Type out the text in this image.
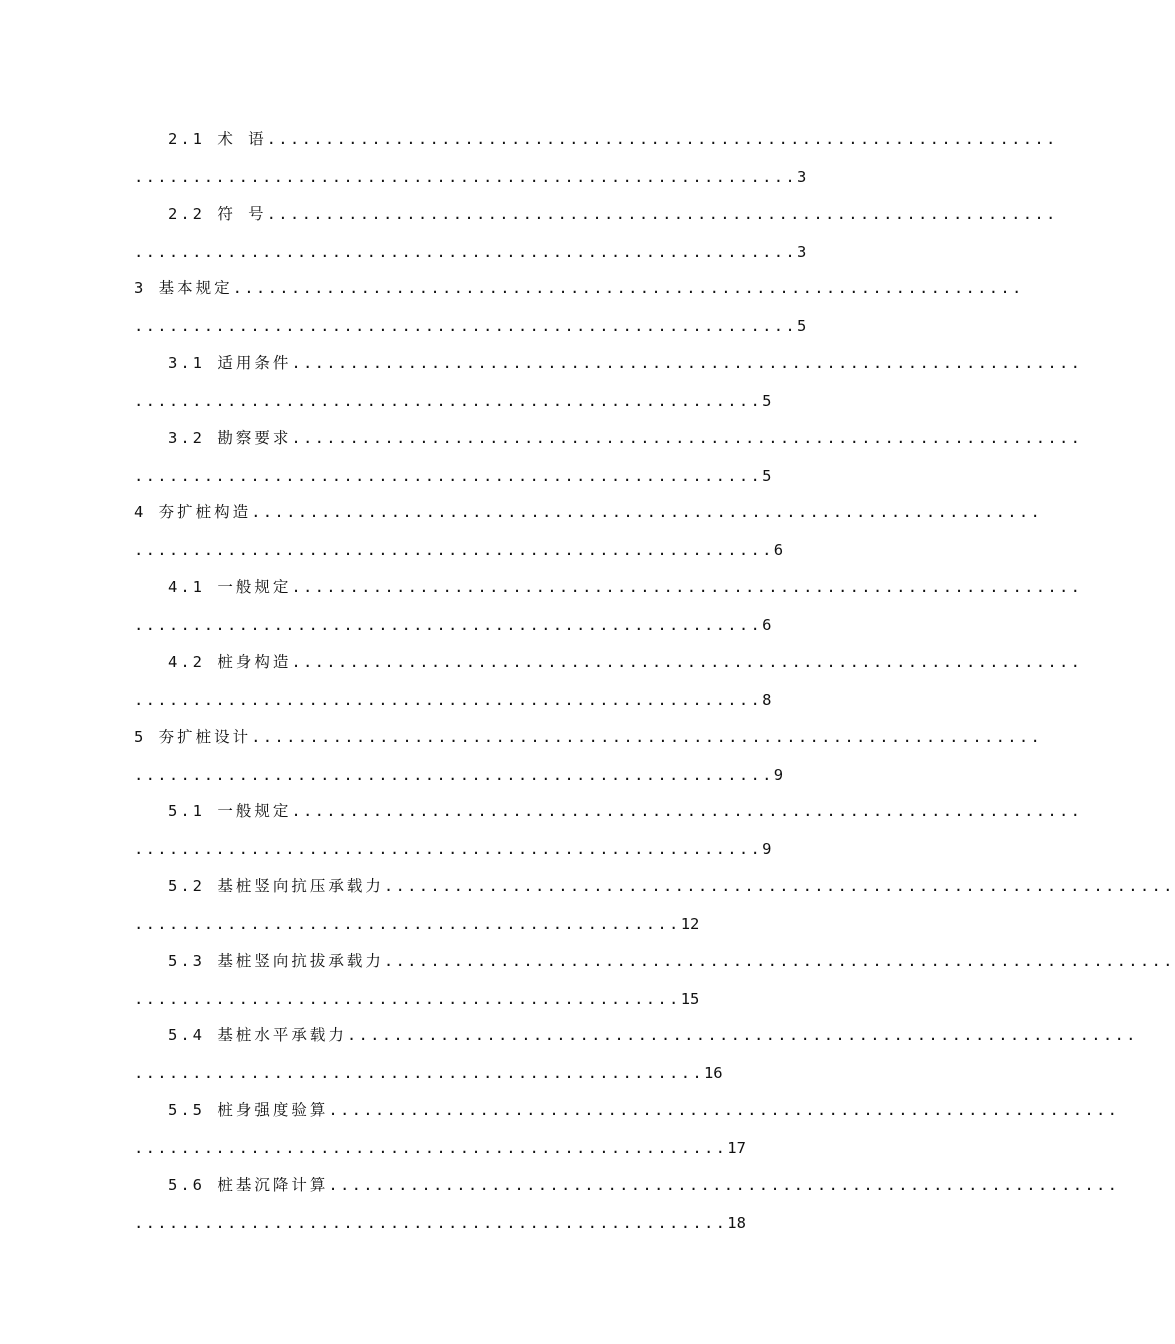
2.1 术 语....................................................................
.........................................................3
2.2 符 号....................................................................
.........................................................3
3 基本规定....................................................................
.........................................................5
3.1 适用条件....................................................................
......................................................5
3.2 勘察要求....................................................................
......................................................5
4 夯扩桩构造....................................................................
.......................................................6
4.1 一般规定....................................................................
......................................................6
4.2 桩身构造....................................................................
......................................................8
5 夯扩桩设计....................................................................
.......................................................9
5.1 一般规定....................................................................
......................................................9
5.2 基桩竖向抗压承载力....................................................................
...............................................12
5.3 基桩竖向抗拔承载力....................................................................
...............................................15
5.4 基桩水平承载力....................................................................
.................................................16
5.5 桩身强度验算....................................................................
...................................................17
5.6 桩基沉降计算....................................................................
...................................................18
